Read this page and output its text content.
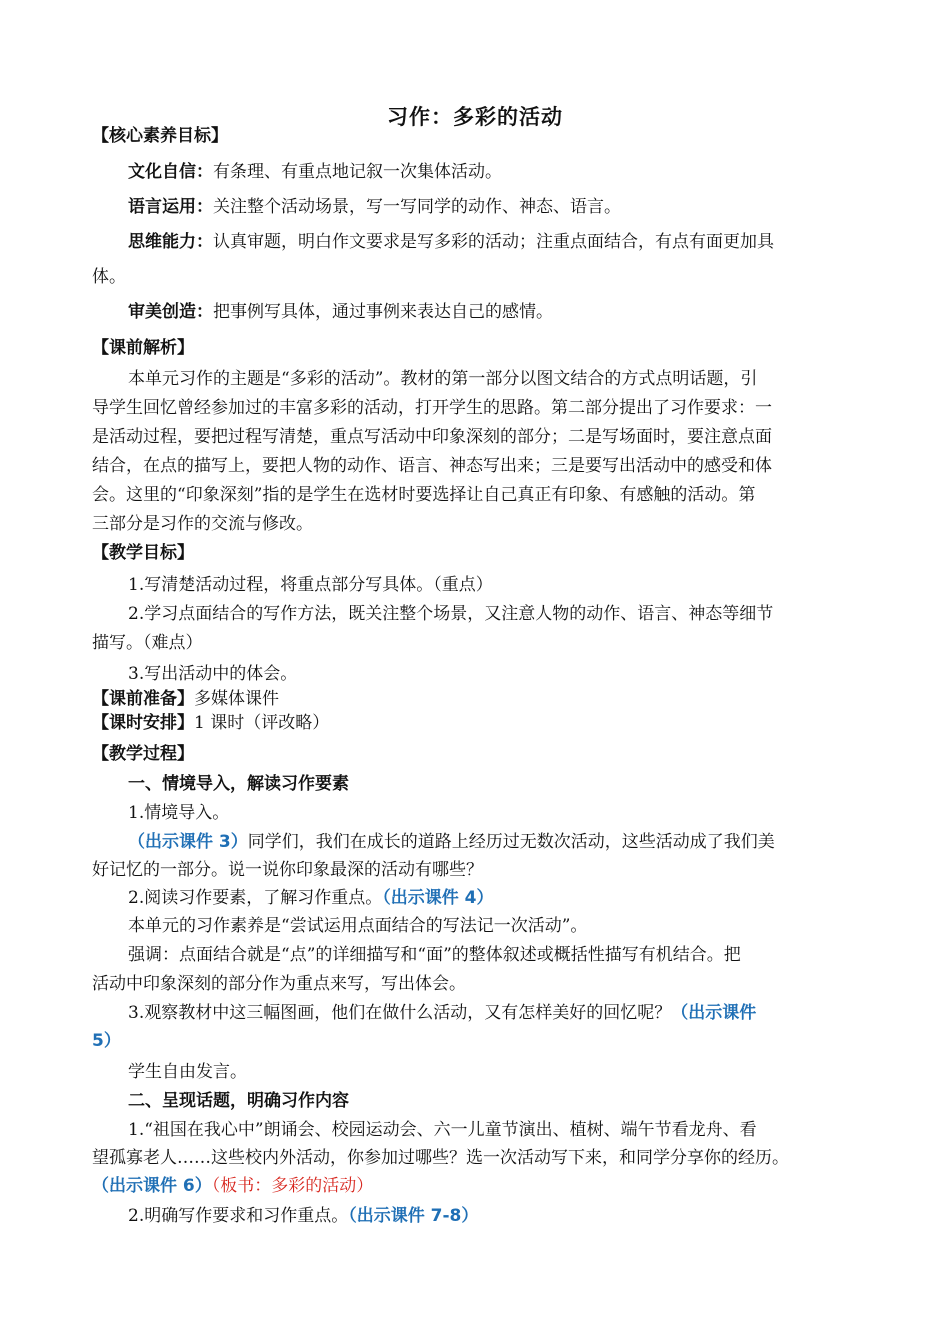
习作：多彩的活动
【核心素养目标】
文化自信：有条理、有重点地记叙一次集体活动。
语言运用：关注整个活动场景，写一写同学的动作、神态、语言。
思维能力：认真审题，明白作文要求是写多彩的活动；注重点面结合，有点有面更加具
体。
审美创造：把事例写具体，通过事例来表达自己的感情。
【课前解析】
本单元习作的主题是“多彩的活动”。教材的第一部分以图文结合的方式点明话题，引
导学生回忆曾经参加过的丰富多彩的活动，打开学生的思路。第二部分提出了习作要求：一
是活动过程，要把过程写清楚，重点写活动中印象深刻的部分；二是写场面时，要注意点面
结合，在点的描写上，要把人物的动作、语言、神态写出来；三是要写出活动中的感受和体
会。这里的“印象深刻”指的是学生在选材时要选择让自己真正有印象、有感触的活动。第
三部分是习作的交流与修改。
【教学目标】
1.写清楚活动过程，将重点部分写具体。（重点）
2.学习点面结合的写作方法，既关注整个场景，又注意人物的动作、语言、神态等细节
描写。（难点）
3.写出活动中的体会。
【课前准备】多媒体课件
【课时安排】1 课时（评改略）
【教学过程】
一、情境导入，解读习作要素
1.情境导入。
（出示课件 3）同学们，我们在成长的道路上经历过无数次活动，这些活动成了我们美
好记忆的一部分。说一说你印象最深的活动有哪些？
2.阅读习作要素，了解习作重点。（出示课件 4）
本单元的习作素养是“尝试运用点面结合的写法记一次活动”。
强调：点面结合就是“点”的详细描写和“面”的整体叙述或概括性描写有机结合。把
活动中印象深刻的部分作为重点来写，写出体会。
3.观察教材中这三幅图画，他们在做什么活动，又有怎样美好的回忆呢？（出示课件
5）
学生自由发言。
二、呈现话题，明确习作内容
1.“祖国在我心中”朗诵会、校园运动会、六一儿童节演出、植树、端午节看龙舟、看
望孤寡老人……这些校内外活动，你参加过哪些？选一次活动写下来，和同学分享你的经历。
（出示课件 6）（板书：多彩的活动）
2.明确写作要求和习作重点。（出示课件 7-8）
